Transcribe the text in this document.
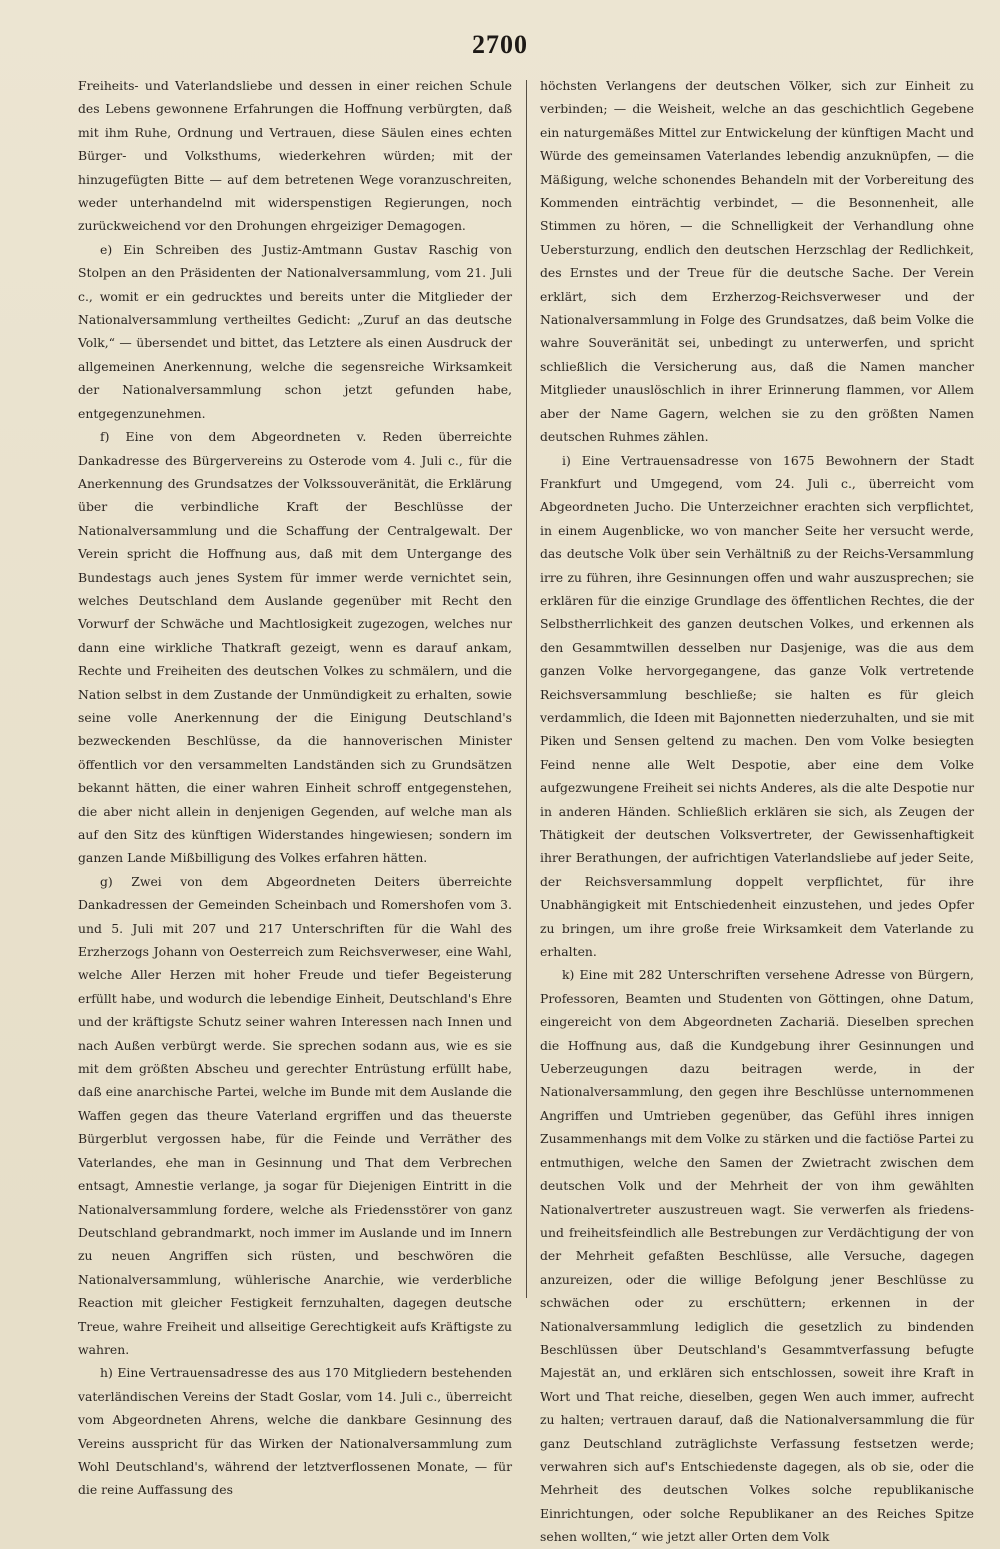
2700

Freiheits- und Vaterlandsliebe und dessen in einer reichen Schule des Lebens gewonnene Erfahrungen die Hoffnung verbürgten, daß mit ihm Ruhe, Ordnung und Vertrauen, diese Säulen eines echten Bürger- und Volksthums, wiederkehren würden; mit der hinzugefügten Bitte — auf dem betretenen Wege voranzuschreiten, weder unterhandelnd mit widerspenstigen Regierungen, noch zurückweichend vor den Drohungen ehrgeiziger Demagogen.

e) Ein Schreiben des Justiz-Amtmann Gustav Raschig von Stolpen an den Präsidenten der Nationalversammlung, vom 21. Juli c., womit er ein gedrucktes und bereits unter die Mitglieder der Nationalversammlung vertheiltes Gedicht: „Zuruf an das deutsche Volk,“ — übersendet und bittet, das Letztere als einen Ausdruck der allgemeinen Anerkennung, welche die segensreiche Wirksamkeit der Nationalversammlung schon jetzt gefunden habe, entgegenzunehmen.

f) Eine von dem Abgeordneten v. Reden überreichte Dankadresse des Bürgervereins zu Osterode vom 4. Juli c., für die Anerkennung des Grundsatzes der Volkssouveränität, die Erklärung über die verbindliche Kraft der Beschlüsse der Nationalversammlung und die Schaffung der Centralgewalt. Der Verein spricht die Hoffnung aus, daß mit dem Untergange des Bundestags auch jenes System für immer werde vernichtet sein, welches Deutschland dem Auslande gegenüber mit Recht den Vorwurf der Schwäche und Machtlosigkeit zugezogen, welches nur dann eine wirkliche Thatkraft gezeigt, wenn es darauf ankam, Rechte und Freiheiten des deutschen Volkes zu schmälern, und die Nation selbst in dem Zustande der Unmündigkeit zu erhalten, sowie seine volle Anerkennung der die Einigung Deutschland's bezweckenden Beschlüsse, da die hannoverischen Minister öffentlich vor den versammelten Landständen sich zu Grundsätzen bekannt hätten, die einer wahren Einheit schroff entgegenstehen, die aber nicht allein in denjenigen Gegenden, auf welche man als auf den Sitz des künftigen Widerstandes hingewiesen; sondern im ganzen Lande Mißbilligung des Volkes erfahren hätten.

g) Zwei von dem Abgeordneten Deiters überreichte Dankadressen der Gemeinden Scheinbach und Romershofen vom 3. und 5. Juli mit 207 und 217 Unterschriften für die Wahl des Erzherzogs Johann von Oesterreich zum Reichsverweser, eine Wahl, welche Aller Herzen mit hoher Freude und tiefer Begeisterung erfüllt habe, und wodurch die lebendige Einheit, Deutschland's Ehre und der kräftigste Schutz seiner wahren Interessen nach Innen und nach Außen verbürgt werde. Sie sprechen sodann aus, wie es sie mit dem größten Abscheu und gerechter Entrüstung erfüllt habe, daß eine anarchische Partei, welche im Bunde mit dem Auslande die Waffen gegen das theure Vaterland ergriffen und das theuerste Bürgerblut vergossen habe, für die Feinde und Verräther des Vaterlandes, ehe man in Gesinnung und That dem Verbrechen entsagt, Amnestie verlange, ja sogar für Diejenigen Eintritt in die Nationalversammlung fordere, welche als Friedensstörer von ganz Deutschland gebrandmarkt, noch immer im Auslande und im Innern zu neuen Angriffen sich rüsten, und beschwören die Nationalversammlung, wühlerische Anarchie, wie verderbliche Reaction mit gleicher Festigkeit fernzuhalten, dagegen deutsche Treue, wahre Freiheit und allseitige Gerechtigkeit aufs Kräftigste zu wahren.

h) Eine Vertrauensadresse des aus 170 Mitgliedern bestehenden vaterländischen Vereins der Stadt Goslar, vom 14. Juli c., überreicht vom Abgeordneten Ahrens, welche die dankbare Gesinnung des Vereins ausspricht für das Wirken der Nationalversammlung zum Wohl Deutschland's, während der letztverflossenen Monate, — für die reine Auffassung des

höchsten Verlangens der deutschen Völker, sich zur Einheit zu verbinden; — die Weisheit, welche an das geschichtlich Gegebene ein naturgemäßes Mittel zur Entwickelung der künftigen Macht und Würde des gemeinsamen Vaterlandes lebendig anzuknüpfen, — die Mäßigung, welche schonendes Behandeln mit der Vorbereitung des Kommenden einträchtig verbindet, — die Besonnenheit, alle Stimmen zu hören, — die Schnelligkeit der Verhandlung ohne Uebersturzung, endlich den deutschen Herzschlag der Redlichkeit, des Ernstes und der Treue für die deutsche Sache. Der Verein erklärt, sich dem Erzherzog-Reichsverweser und der Nationalversammlung in Folge des Grundsatzes, daß beim Volke die wahre Souveränität sei, unbedingt zu unterwerfen, und spricht schließlich die Versicherung aus, daß die Namen mancher Mitglieder unauslöschlich in ihrer Erinnerung flammen, vor Allem aber der Name Gagern, welchen sie zu den größten Namen deutschen Ruhmes zählen.

i) Eine Vertrauensadresse von 1675 Bewohnern der Stadt Frankfurt und Umgegend, vom 24. Juli c., überreicht vom Abgeordneten Jucho. Die Unterzeichner erachten sich verpflichtet, in einem Augenblicke, wo von mancher Seite her versucht werde, das deutsche Volk über sein Verhältniß zu der Reichs-Versammlung irre zu führen, ihre Gesinnungen offen und wahr auszusprechen; sie erklären für die einzige Grundlage des öffentlichen Rechtes, die der Selbstherrlichkeit des ganzen deutschen Volkes, und erkennen als den Gesammtwillen desselben nur Dasjenige, was die aus dem ganzen Volke hervorgegangene, das ganze Volk vertretende Reichsversammlung beschließe; sie halten es für gleich verdammlich, die Ideen mit Bajonnetten niederzuhalten, und sie mit Piken und Sensen geltend zu machen. Den vom Volke besiegten Feind nenne alle Welt Despotie, aber eine dem Volke aufgezwungene Freiheit sei nichts Anderes, als die alte Despotie nur in anderen Händen. Schließlich erklären sie sich, als Zeugen der Thätigkeit der deutschen Volksvertreter, der Gewissenhaftigkeit ihrer Berathungen, der aufrichtigen Vaterlandsliebe auf jeder Seite, der Reichsversammlung doppelt verpflichtet, für ihre Unabhängigkeit mit Entschiedenheit einzustehen, und jedes Opfer zu bringen, um ihre große freie Wirksamkeit dem Vaterlande zu erhalten.

k) Eine mit 282 Unterschriften versehene Adresse von Bürgern, Professoren, Beamten und Studenten von Göttingen, ohne Datum, eingereicht von dem Abgeordneten Zachariä. Dieselben sprechen die Hoffnung aus, daß die Kundgebung ihrer Gesinnungen und Ueberzeugungen dazu beitragen werde, in der Nationalversammlung, den gegen ihre Beschlüsse unternommenen Angriffen und Umtrieben gegenüber, das Gefühl ihres innigen Zusammenhangs mit dem Volke zu stärken und die factiöse Partei zu entmuthigen, welche den Samen der Zwietracht zwischen dem deutschen Volk und der Mehrheit der von ihm gewählten Nationalvertreter auszustreuen wagt. Sie verwerfen als friedens- und freiheitsfeindlich alle Bestrebungen zur Verdächtigung der von der Mehrheit gefaßten Beschlüsse, alle Versuche, dagegen anzureizen, oder die willige Befolgung jener Beschlüsse zu schwächen oder zu erschüttern; erkennen in der Nationalversammlung lediglich die gesetzlich zu bindenden Beschlüssen über Deutschland's Gesammtverfassung befugte Majestät an, und erklären sich entschlossen, soweit ihre Kraft in Wort und That reiche, dieselben, gegen Wen auch immer, aufrecht zu halten; vertrauen darauf, daß die Nationalversammlung die für ganz Deutschland zuträglichste Verfassung festsetzen werde; verwahren sich auf's Entschiedenste dagegen, als ob sie, oder die Mehrheit des deutschen Volkes solche republikanische Einrichtungen, oder solche Republikaner an des Reiches Spitze sehen wollten,“ wie jetzt aller Orten dem Volk
